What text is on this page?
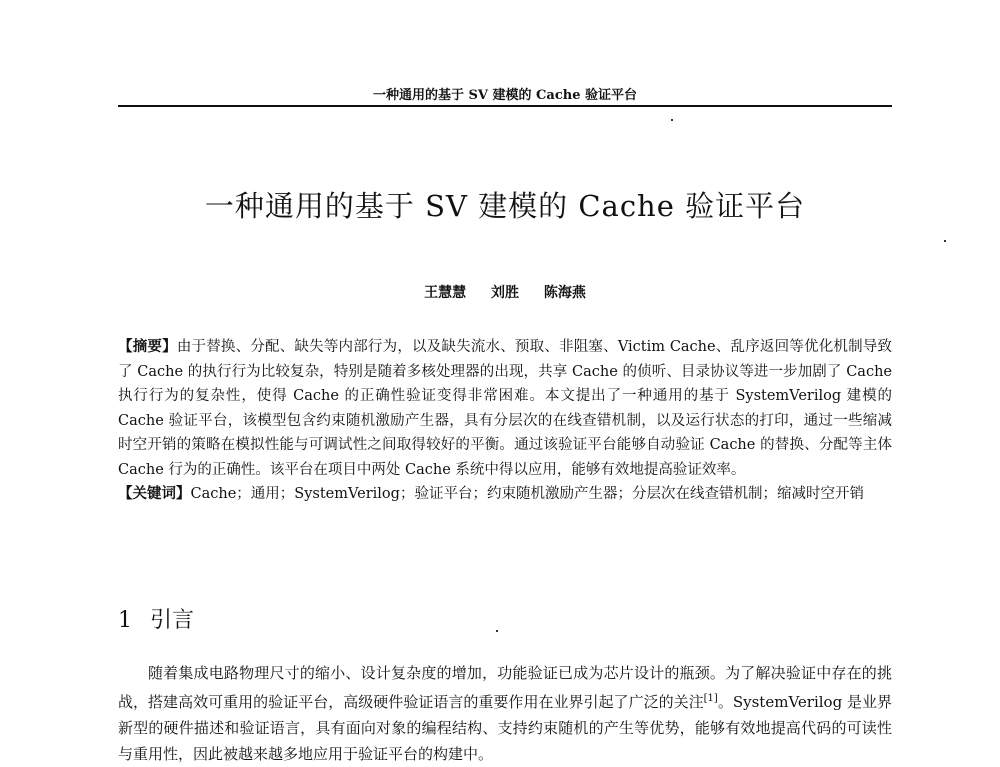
一种通用的基于 SV 建模的 Cache 验证平台
一种通用的基于 SV 建模的 Cache 验证平台
王慧慧 刘胜 陈海燕
【摘要】由于替换、分配、缺失等内部行为，以及缺失流水、预取、非阻塞、Victim Cache、乱序返回等优化机制导致了 Cache 的执行行为比较复杂，特别是随着多核处理器的出现，共享 Cache 的侦听、目录协议等进一步加剧了 Cache 执行行为的复杂性，使得 Cache 的正确性验证变得非常困难。本文提出了一种通用的基于 SystemVerilog 建模的 Cache 验证平台，该模型包含约束随机激励产生器，具有分层次的在线查错机制，以及运行状态的打印，通过一些缩减时空开销的策略在模拟性能与可调试性之间取得较好的平衡。通过该验证平台能够自动验证 Cache 的替换、分配等主体 Cache 行为的正确性。该平台在项目中两处 Cache 系统中得以应用，能够有效地提高验证效率。
【关键词】Cache；通用；SystemVerilog；验证平台；约束随机激励产生器；分层次在线查错机制；缩减时空开销
1 引言
随着集成电路物理尺寸的缩小、设计复杂度的增加，功能验证已成为芯片设计的瓶颈。为了解决验证中存在的挑战，搭建高效可重用的验证平台，高级硬件验证语言的重要作用在业界引起了广泛的关注[1]。SystemVerilog 是业界新型的硬件描述和验证语言，具有面向对象的编程结构、支持约束随机的产生等优势，能够有效地提高代码的可读性与重用性，因此被越来越多地应用于验证平台的构建中。
